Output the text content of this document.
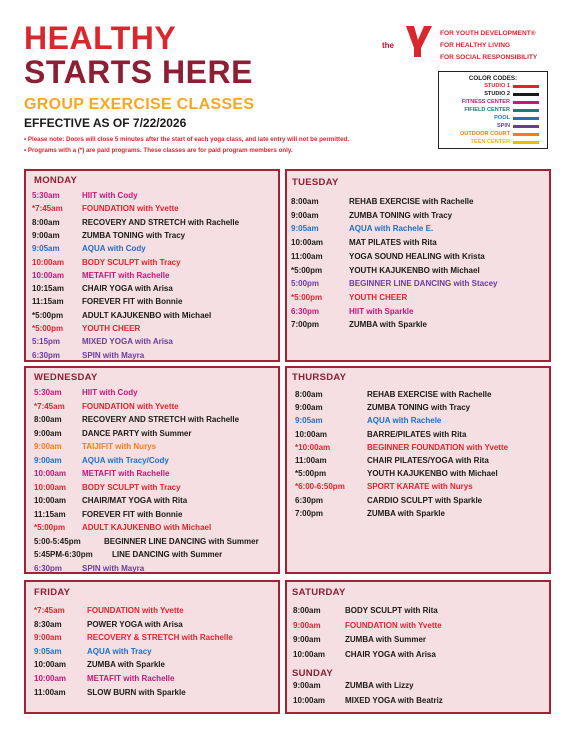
HEALTHY
STARTS HERE
GROUP EXERCISE CLASSES
EFFECTIVE AS OF 7/22/2026
• Please note: Doors will close 5 minutes after the start of each yoga class, and late entry will not be permitted.
• Programs with a (*) are paid programs. These classes are for paid program members only.
the
FOR YOUTH DEVELOPMENT®
FOR HEALTHY LIVING
FOR SOCIAL RESPONSIBILITY
COLOR CODES:
STUDIO 1
STUDIO 2
FITNESS CENTER
FIFIELD CENTER
POOL
SPIN
OUTDOOR COURT
TEEN CENTER
MONDAY
5:30am	HIIT with Cody
*7:45am FOUNDATION with Yvette
8:00am	RECOVERY AND STRETCH with Rachelle
9:00am	ZUMBA TONING with Tracy
9:05am	AQUA with Cody
10:00am BODY SCULPT with Tracy
10:00am METAFIT with Rachelle
10:15am CHAIR YOGA with Arisa
11:15am FOREVER FIT with Bonnie
*5:00pm ADULT KAJUKENBO with Michael
*5:00pm YOUTH CHEER
5:15pm	MIXED YOGA with Arisa
6:30pm	SPIN with Mayra
TUESDAY
8:00am	REHAB EXERCISE with Rachelle
9:00am	ZUMBA TONING with Tracy
9:05am	AQUA with Rachele E.
10:00am	MAT PILATES with Rita
11:00am	YOGA SOUND HEALING with Krista
*5:00pm	YOUTH KAJUKENBO with Michael
5:00pm	BEGINNER LINE DANCING with Stacey
*5:00pm	YOUTH CHEER
6:30pm	HIIT with Sparkle
7:00pm	ZUMBA with Sparkle
WEDNESDAY
5:30am	HIIT with Cody
*7:45am FOUNDATION with Yvette
8:00am	RECOVERY AND STRETCH with Rachelle
9:00am	DANCE PARTY with Summer
9:00am	TAIJIFIT with Nurys
9:00am	AQUA with Tracy/Cody
10:00am METAFIT with Rachelle
10:00am BODY SCULPT with Tracy
10:00am CHAIR/MAT YOGA with Rita
11:15am FOREVER FIT with Bonnie
*5:00pm ADULT KAJUKENBO with Michael
5:00-5:45pm	BEGINNER LINE DANCING with Summer
5:45PM-6:30pm LINE DANCING with Summer
6:30pm SPIN with Mayra
THURSDAY
8:00am	REHAB EXERCISE with Rachelle
9:00am	ZUMBA TONING with Tracy
9:05am	AQUA with Rachele
10:00am	BARRE/PILATES with Rita
*10:00am	BEGINNER FOUNDATION with Yvette
11:00am	CHAIR PILATES/YOGA with Rita
*5:00pm	YOUTH KAJUKENBO with Michael
*6:00-6:50pm	SPORT KARATE with Nurys
6:30pm	CARDIO SCULPT with Sparkle
7:00pm	ZUMBA with Sparkle
FRIDAY
*7:45am	FOUNDATION with Yvette
8:30am	POWER YOGA with Arisa
9:00am	RECOVERY & STRETCH with Rachelle
9:05am	AQUA with Tracy
10:00am	ZUMBA with Sparkle
10:00am	METAFIT with Rachelle
11:00am	SLOW BURN with Sparkle
SATURDAY
8:00am	BODY SCULPT with Rita
9:00am	FOUNDATION with Yvette
9:00am	ZUMBA with Summer
10:00am CHAIR YOGA with Arisa
SUNDAY
9:00am	ZUMBA with Lizzy
10:00am MIXED YOGA with Beatriz
